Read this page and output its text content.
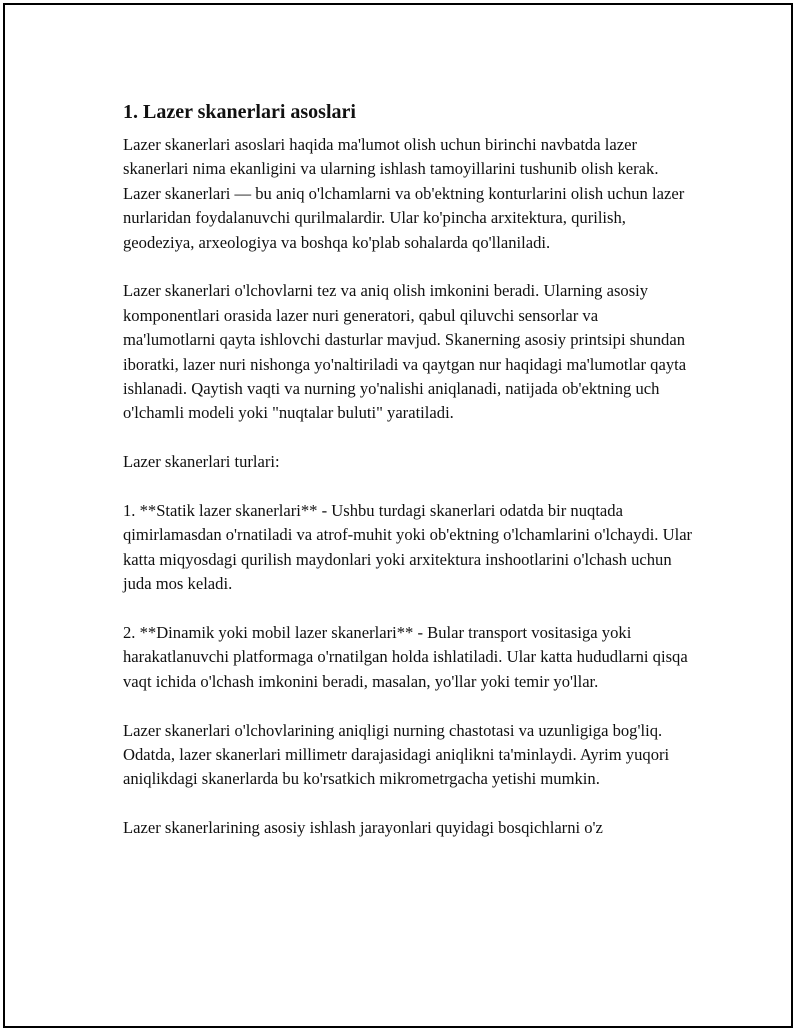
1. Lazer skanerlari asoslari

Lazer skanerlari asoslari haqida ma'lumot olish uchun birinchi navbatda lazer skanerlari nima ekanligini va ularning ishlash tamoyillarini tushunib olish kerak. Lazer skanerlari — bu aniq o'lchamlarni va ob'ektning konturlarini olish uchun lazer nurlaridan foydalanuvchi qurilmalardir. Ular ko'pincha arxitektura, qurilish, geodeziya, arxeologiya va boshqa ko'plab sohalarda qo'llaniladi.

Lazer skanerlari o'lchovlarni tez va aniq olish imkonini beradi. Ularning asosiy komponentlari orasida lazer nuri generatori, qabul qiluvchi sensorlar va ma'lumotlarni qayta ishlovchi dasturlar mavjud. Skanerning asosiy printsipi shundan iboratki, lazer nuri nishonga yo'naltiriladi va qaytgan nur haqidagi ma'lumotlar qayta ishlanadi. Qaytish vaqti va nurning yo'nalishi aniqlanadi, natijada ob'ektning uch o'lchamli modeli yoki "nuqtalar buluti" yaratiladi.

Lazer skanerlari turlari:

1. **Statik lazer skanerlari** - Ushbu turdagi skanerlari odatda bir nuqtada qimirlamasdan o'rnatiladi va atrof-muhit yoki ob'ektning o'lchamlarini o'lchaydi. Ular katta miqyosdagi qurilish maydonlari yoki arxitektura inshootlarini o'lchash uchun juda mos keladi.

2. **Dinamik yoki mobil lazer skanerlari** - Bular transport vositasiga yoki harakatlanuvchi platformaga o'rnatilgan holda ishlatiladi. Ular katta hududlarni qisqa vaqt ichida o'lchash imkonini beradi, masalan, yo'llar yoki temir yo'llar.

Lazer skanerlari o'lchovlarining aniqligi nurning chastotasi va uzunligiga bog'liq. Odatda, lazer skanerlari millimetr darajasidagi aniqlikni ta'minlaydi. Ayrim yuqori aniqlikdagi skanerlarda bu ko'rsatkich mikrometrgacha yetishi mumkin.

Lazer skanerlarining asosiy ishlash jarayonlari quyidagi bosqichlarni o'z
